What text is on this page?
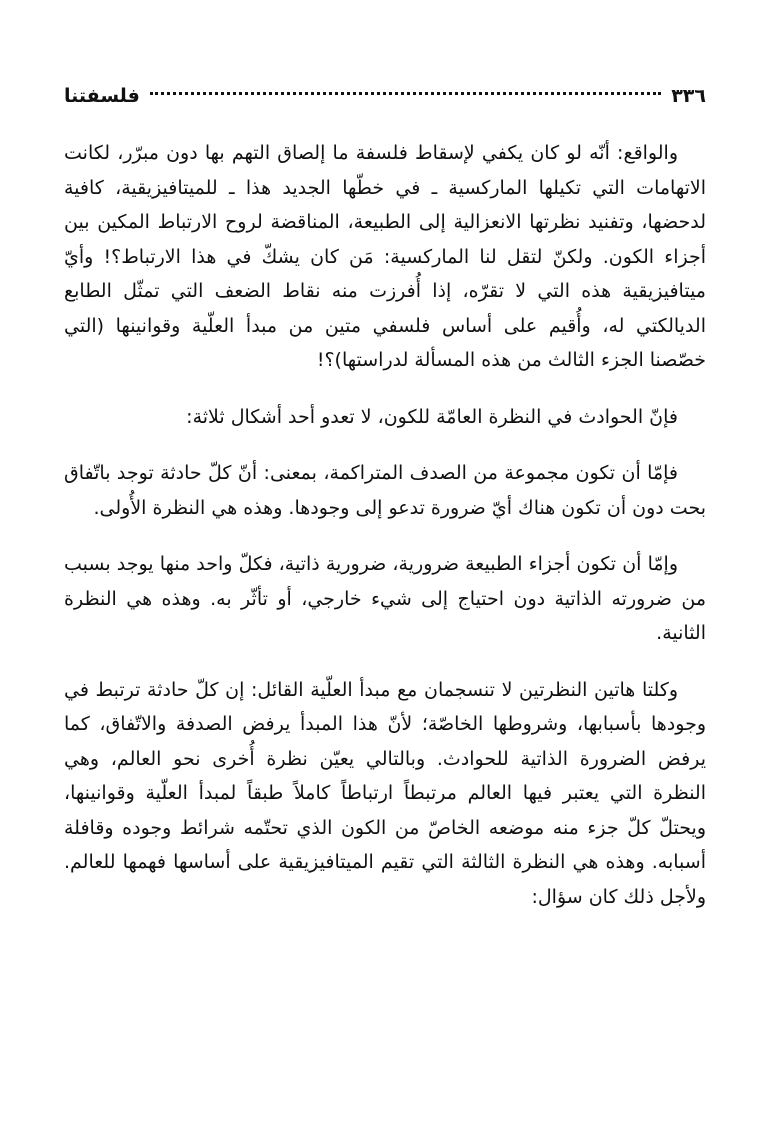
٣٣٦
فلسفتنا

والواقع: أنّه لو كان يكفي لإسقاط فلسفة ما إلصاق التهم بها دون مبرّر، لكانت الاتهامات التي تكيلها الماركسية ـ في خطّها الجديد هذا ـ للميتافيزيقية، كافية لدحضها، وتفنيد نظرتها الانعزالية إلى الطبيعة، المناقضة لروح الارتباط المكين بين أجزاء الكون. ولكنّ لتقل لنا الماركسية: مَن كان يشكّ في هذا الارتباط؟! وأيّ ميتافيزيقية هذه التي لا تقرّه، إذا أُفرزت منه نقاط الضعف التي تمثّل الطابع الديالكتي له، وأُقيم على أساس فلسفي متين من مبدأ العلّية وقوانينها (التي خصّصنا الجزء الثالث من هذه المسألة لدراستها)؟!

فإنّ الحوادث في النظرة العامّة للكون، لا تعدو أحد أشكال ثلاثة:

فإمّا أن تكون مجموعة من الصدف المتراكمة، بمعنى: أنّ كلّ حادثة توجد باتّفاق بحت دون أن تكون هناك أيّ ضرورة تدعو إلى وجودها. وهذه هي النظرة الأُولى.

وإمّا أن تكون أجزاء الطبيعة ضرورية، ضرورية ذاتية، فكلّ واحد منها يوجد بسبب من ضرورته الذاتية دون احتياج إلى شيء خارجي، أو تأثّر به. وهذه هي النظرة الثانية.

وكلتا هاتين النظرتين لا تنسجمان مع مبدأ العلّية القائل: إن كلّ حادثة ترتبط في وجودها بأسبابها، وشروطها الخاصّة؛ لأنّ هذا المبدأ يرفض الصدفة والاتّفاق، كما يرفض الضرورة الذاتية للحوادث. وبالتالي يعيّن نظرة أُخرى نحو العالم، وهي النظرة التي يعتبر فيها العالم مرتبطاً ارتباطاً كاملاً طبقاً لمبدأ العلّية وقوانينها، ويحتلّ كلّ جزء منه موضعه الخاصّ من الكون الذي تحتّمه شرائط وجوده وقافلة أسبابه. وهذه هي النظرة الثالثة التي تقيم الميتافيزيقية على أساسها فهمها للعالم. ولأجل ذلك كان سؤال:
